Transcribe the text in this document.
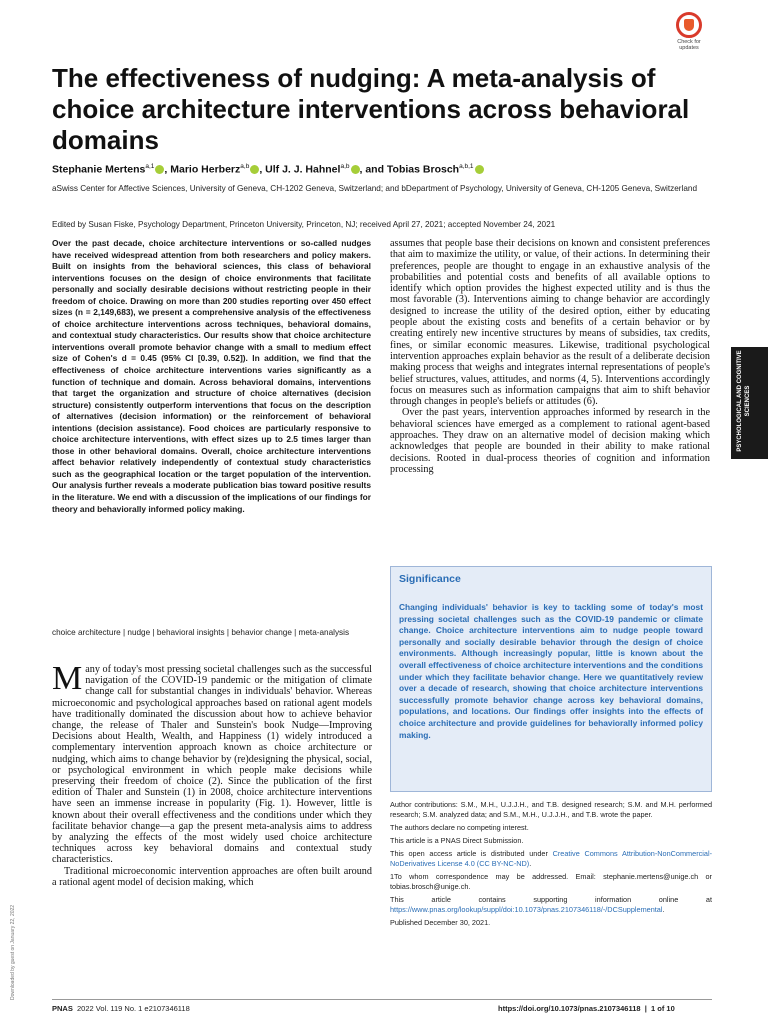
Check for updates
The effectiveness of nudging: A meta-analysis of choice architecture interventions across behavioral domains
Stephanie Mertens$^{a,1}$ , Mario Herberz$^{a,b}$ , Ulf J. J. Hahnel$^{a,b}$ , and Tobias Brosch$^{a,b,1}$
aSwiss Center for Affective Sciences, University of Geneva, CH-1202 Geneva, Switzerland; and bDepartment of Psychology, University of Geneva, CH-1205 Geneva, Switzerland
Edited by Susan Fiske, Psychology Department, Princeton University, Princeton, NJ; received April 27, 2021; accepted November 24, 2021
Over the past decade, choice architecture interventions or so-called nudges have received widespread attention from both researchers and policy makers. Built on insights from the behavioral sciences, this class of behavioral interventions focuses on the design of choice environments that facilitate personally and socially desirable decisions without restricting people in their freedom of choice. Drawing on more than 200 studies reporting over 450 effect sizes (n = 2,149,683), we present a comprehensive analysis of the effectiveness of choice architecture interventions across techniques, behavioral domains, and contextual study characteristics. Our results show that choice architecture interventions overall promote behavior change with a small to medium effect size of Cohen's d = 0.45 (95% CI [0.39, 0.52]). In addition, we find that the effectiveness of choice architecture interventions varies significantly as a function of technique and domain. Across behavioral domains, interventions that target the organization and structure of choice alternatives (decision structure) consistently outperform interventions that focus on the description of alternatives (decision information) or the reinforcement of behavioral intentions (decision assistance). Food choices are particularly responsive to choice architecture interventions, with effect sizes up to 2.5 times larger than those in other behavioral domains. Overall, choice architecture interventions affect behavior relatively independently of contextual study characteristics such as the geographical location or the target population of the intervention. Our analysis further reveals a moderate publication bias toward positive results in the literature. We end with a discussion of the implications of our findings for theory and behaviorally informed policy making.
choice architecture | nudge | behavioral insights | behavior change | meta-analysis

Many of today's most pressing societal challenges such as the successful navigation of the COVID-19 pandemic or the mitigation of climate change call for substantial changes in individuals' behavior. Whereas microeconomic and psychological approaches based on rational agent models have traditionally dominated the discussion about how to achieve behavior change, the release of Thaler and Sunstein's book Nudge—Improving Decisions about Health, Wealth, and Happiness (1) widely introduced a complementary intervention approach known as choice architecture or nudging, which aims to change behavior by (re)designing the physical, social, or psychological environment in which people make decisions while preserving their freedom of choice (2). Since the publication of the first edition of Thaler and Sunstein (1) in 2008, choice architecture interventions have seen an immense increase in popularity (Fig. 1). However, little is known about their overall effectiveness and the conditions under which they facilitate behavior change—a gap the present meta-analysis aims to address by analyzing the effects of the most widely used choice architecture techniques across key behavioral domains and contextual study characteristics.

Traditional microeconomic intervention approaches are often built around a rational agent model of decision making, which

assumes that people base their decisions on known and consistent preferences that aim to maximize the utility, or value, of their actions. In determining their preferences, people are thought to engage in an exhaustive analysis of the probabilities and potential costs and benefits of all available options to identify which option provides the highest expected utility and is thus the most favorable (3). Interventions aiming to change behavior are accordingly designed to increase the utility of the desired option, either by educating people about the existing costs and benefits of a certain behavior or by creating entirely new incentive structures by means of subsidies, tax credits, fines, or similar economic measures. Likewise, traditional psychological intervention approaches explain behavior as the result of a deliberate decision making process that weighs and integrates internal representations of people's belief structures, values, attitudes, and norms (4, 5). Interventions accordingly focus on measures such as information campaigns that aim to shift behavior through changes in people's beliefs or attitudes (6).

Over the past years, intervention approaches informed by research in the behavioral sciences have emerged as a complement to rational agent-based approaches. They draw on an alternative model of decision making which acknowledges that people are bounded in their ability to make rational decisions. Rooted in dual-process theories of cognition and information processing

Significance
Changing individuals' behavior is key to tackling some of today's most pressing societal challenges such as the COVID-19 pandemic or climate change. Choice architecture interventions aim to nudge people toward personally and socially desirable behavior through the design of choice environments. Although increasingly popular, little is known about the overall effectiveness of choice architecture interventions and the conditions under which they facilitate behavior change. Here we quantitatively review over a decade of research, showing that choice architecture interventions successfully promote behavior change across key behavioral domains, populations, and locations. Our findings offer insights into the effects of choice architecture and provide guidelines for behaviorally informed policy making.
Author contributions: S.M., M.H., U.J.J.H., and T.B. designed research; S.M. and M.H. performed research; S.M. analyzed data; and S.M., M.H., U.J.J.H., and T.B. wrote the paper.
The authors declare no competing interest.
This article is a PNAS Direct Submission.
This open access article is distributed under Creative Commons Attribution-NonCommercial-NoDerivatives License 4.0 (CC BY-NC-ND).
1To whom correspondence may be addressed. Email: stephanie.mertens@unige.ch or tobias.brosch@unige.ch.
This article contains supporting information online at https://www.pnas.org/lookup/suppl/doi:10.1073/pnas.2107346118/-/DCSupplemental.
Published December 30, 2021.
PSYCHOLOGICAL AND COGNITIVE SCIENCES
Downloaded by guest on January 22, 2022
PNAS 2022 Vol. 119 No. 1 e2107346118	https://doi.org/10.1073/pnas.2107346118  |  1 of 10
